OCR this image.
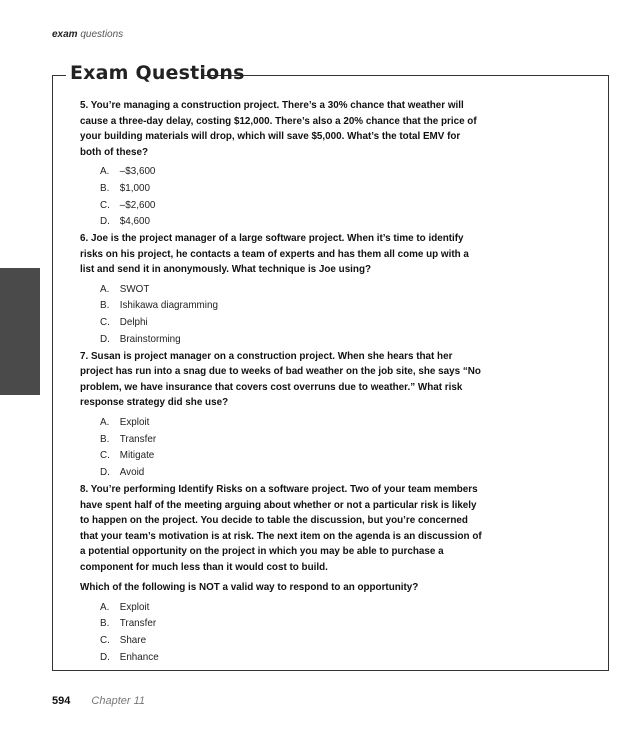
exam questions
Exam Questions
5. You’re managing a construction project. There’s a 30% chance that weather will cause a three-day delay, costing $12,000. There’s also a 20% chance that the price of your building materials will drop, which will save $5,000. What’s the total EMV for both of these?
A. –$3,600
B. $1,000
C. –$2,600
D. $4,600
6. Joe is the project manager of a large software project. When it’s time to identify risks on his project, he contacts a team of experts and has them all come up with a list and send it in anonymously. What technique is Joe using?
A. SWOT
B. Ishikawa diagramming
C. Delphi
D. Brainstorming
7. Susan is project manager on a construction project. When she hears that her project has run into a snag due to weeks of bad weather on the job site, she says “No problem, we have insurance that covers cost overruns due to weather.” What risk response strategy did she use?
A. Exploit
B. Transfer
C. Mitigate
D. Avoid
8. You’re performing Identify Risks on a software project. Two of your team members have spent half of the meeting arguing about whether or not a particular risk is likely to happen on the project. You decide to table the discussion, but you’re concerned that your team’s motivation is at risk. The next item on the agenda is an discussion of a potential opportunity on the project in which you may be able to purchase a component for much less than it would cost to build.
Which of the following is NOT a valid way to respond to an opportunity?
A. Exploit
B. Transfer
C. Share
D. Enhance
594 Chapter 11
